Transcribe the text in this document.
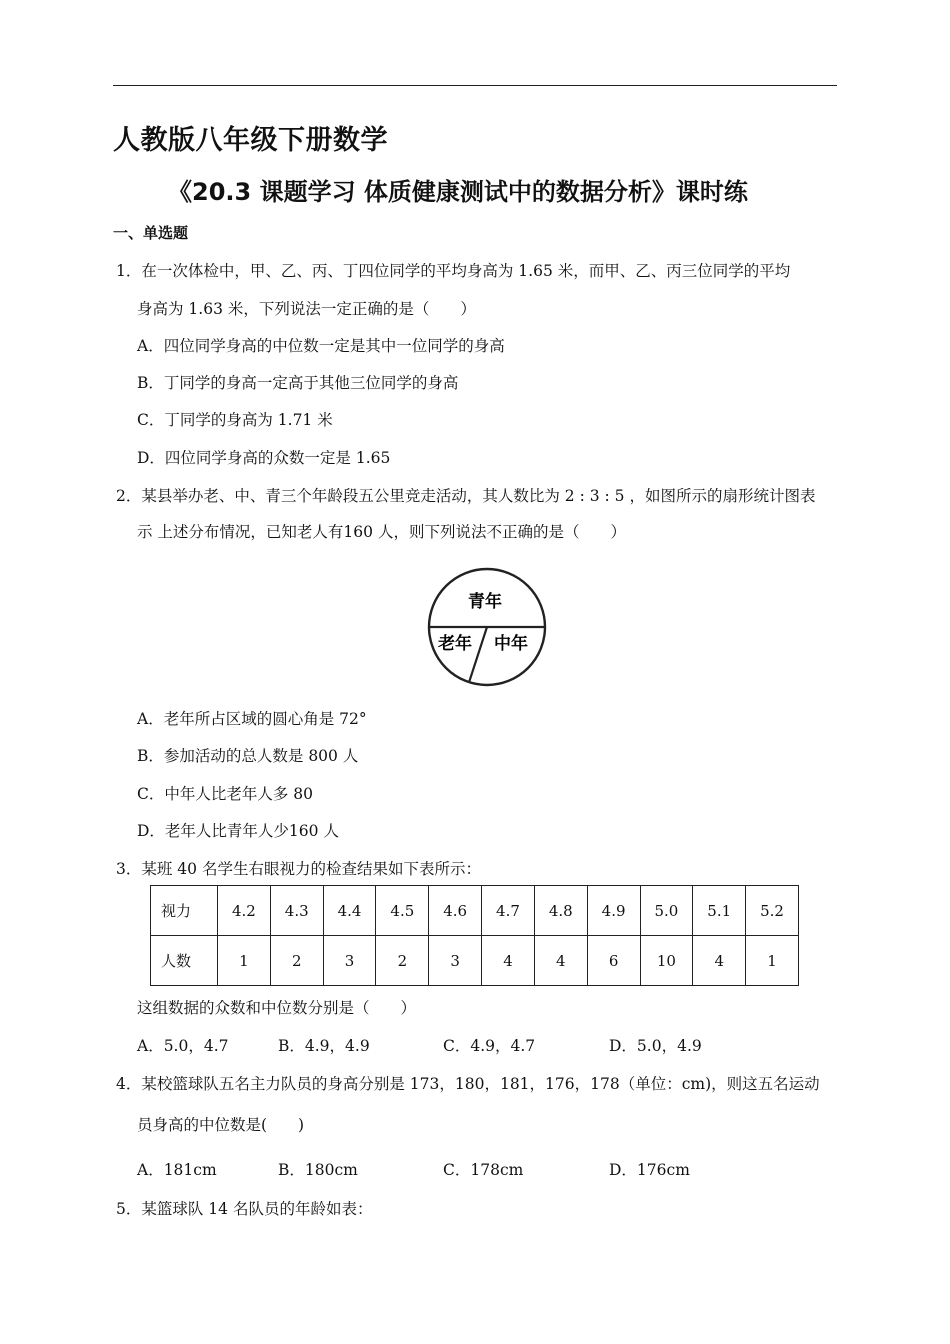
人教版八年级下册数学
《20.3 课题学习 体质健康测试中的数据分析》课时练
一、单选题
1．在一次体检中，甲、乙、丙、丁四位同学的平均身高为 1.65 米，而甲、乙、丙三位同学的平均
身高为 1.63 米，下列说法一定正确的是（　　）
A．四位同学身高的中位数一定是其中一位同学的身高
B．丁同学的身高一定高于其他三位同学的身高
C．丁同学的身高为 1.71 米
D．四位同学身高的众数一定是 1.65
2．某县举办老、中、青三个年龄段五公里竞走活动，其人数比为 2 : 3 : 5 ，如图所示的扇形统计图表
示 上述分布情况，已知老人有160 人，则下列说法不正确的是（　　）
青年
老年 中年
A．老年所占区域的圆心角是 72°
B．参加活动的总人数是 800 人
C．中年人比老年人多 80
D．老年人比青年人少160 人
3．某班 40 名学生右眼视力的检查结果如下表所示：
视力	4.2	4.3	4.4	4.5	4.6	4.7	4.8	4.9	5.0	5.1	5.2
人数	1	2	3	2	3	4	4	6	10	4	1
这组数据的众数和中位数分别是（　　）
A．5.0，4.7	B．4.9，4.9	C．4.9，4.7	D．5.0，4.9
4．某校篮球队五名主力队员的身高分别是 173，180，181，176，178（单位：cm)，则这五名运动
员身高的中位数是(　　)
A．181cm	B．180cm	C．178cm	D．176cm
5．某篮球队 14 名队员的年龄如表：
